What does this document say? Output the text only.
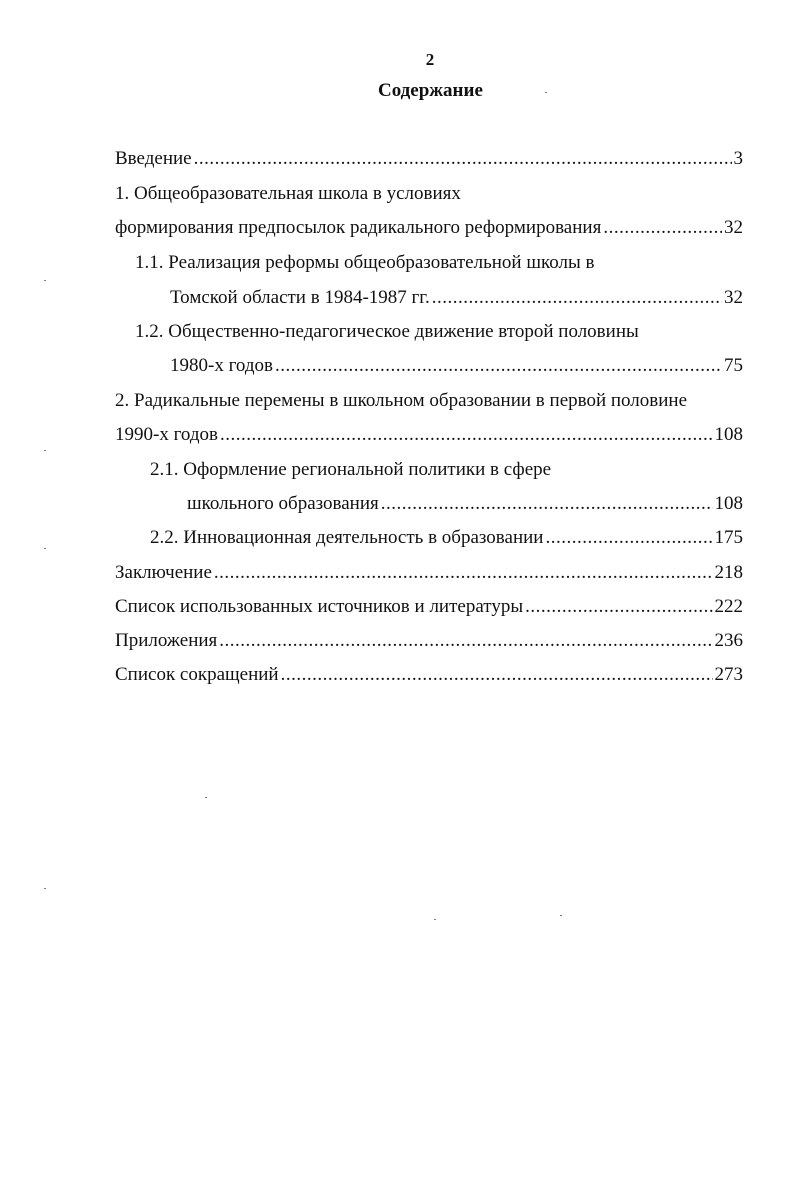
2
Содержание
Введение .....	3
1. Общеобразовательная школа в условиях
формирования предпосылок радикального реформирования .....	32
1.1. Реализация реформы общеобразовательной школы в
Томской области в 1984-1987 гг. .....	32
1.2. Общественно-педагогическое движение второй половины
1980-х годов .....	75
2. Радикальные перемены в школьном образовании в первой половине
1990-х годов .....	108
2.1. Оформление региональной политики в сфере
школьного образования .....	108
2.2. Инновационная деятельность в образовании .....	175
Заключение .....	218
Список использованных источников и литературы .....	222
Приложения .....	236
Список сокращений .....	273
